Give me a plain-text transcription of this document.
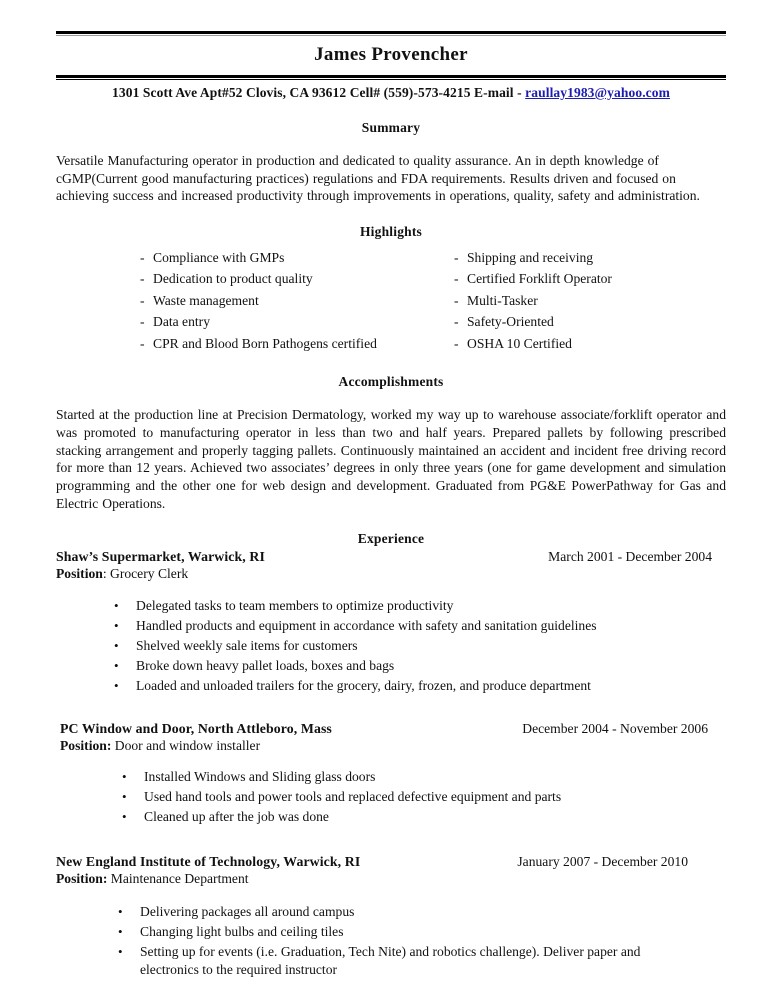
James Provencher
1301 Scott Ave Apt#52 Clovis, CA 93612 Cell# (559)-573-4215 E-mail - raullay1983@yahoo.com
Summary
Versatile Manufacturing operator in production and dedicated to quality assurance. An in depth knowledge of cGMP(Current good manufacturing practices) regulations and FDA requirements. Results driven and focused on achieving success and increased productivity through improvements in operations, quality, safety and administration.
Highlights
- Compliance with GMPs
- Dedication to product quality
- Waste management
- Data entry
- CPR and Blood Born Pathogens certified
- Shipping and receiving
- Certified Forklift Operator
- Multi-Tasker
- Safety-Oriented
- OSHA 10 Certified
Accomplishments
Started at the production line at Precision Dermatology, worked my way up to warehouse associate/forklift operator and was promoted to manufacturing operator in less than two and half years. Prepared pallets by following prescribed stacking arrangement and properly tagging pallets. Continuously maintained an accident and incident free driving record for more than 12 years. Achieved two associates’ degrees in only three years (one for game development and simulation programming and the other one for web design and development. Graduated from PG&E PowerPathway for Gas and Electric Operations.
Experience
Shaw’s Supermarket, Warwick, RI	March 2001 - December 2004
Position: Grocery Clerk
•	Delegated tasks to team members to optimize productivity
•	Handled products and equipment in accordance with safety and sanitation guidelines
•	Shelved weekly sale items for customers
•	Broke down heavy pallet loads, boxes and bags
•	Loaded and unloaded trailers for the grocery, dairy, frozen, and produce department
PC Window and Door, North Attleboro, Mass	December 2004 - November 2006
Position: Door and window installer
•	Installed Windows and Sliding glass doors
•	Used hand tools and power tools and replaced defective equipment and parts
•	Cleaned up after the job was done
New England Institute of Technology, Warwick, RI	January 2007 - December 2010
Position: Maintenance Department
•	Delivering packages all around campus
•	Changing light bulbs and ceiling tiles
•	Setting up for events (i.e. Graduation, Tech Nite) and robotics challenge). Deliver paper and electronics to the required instructor
